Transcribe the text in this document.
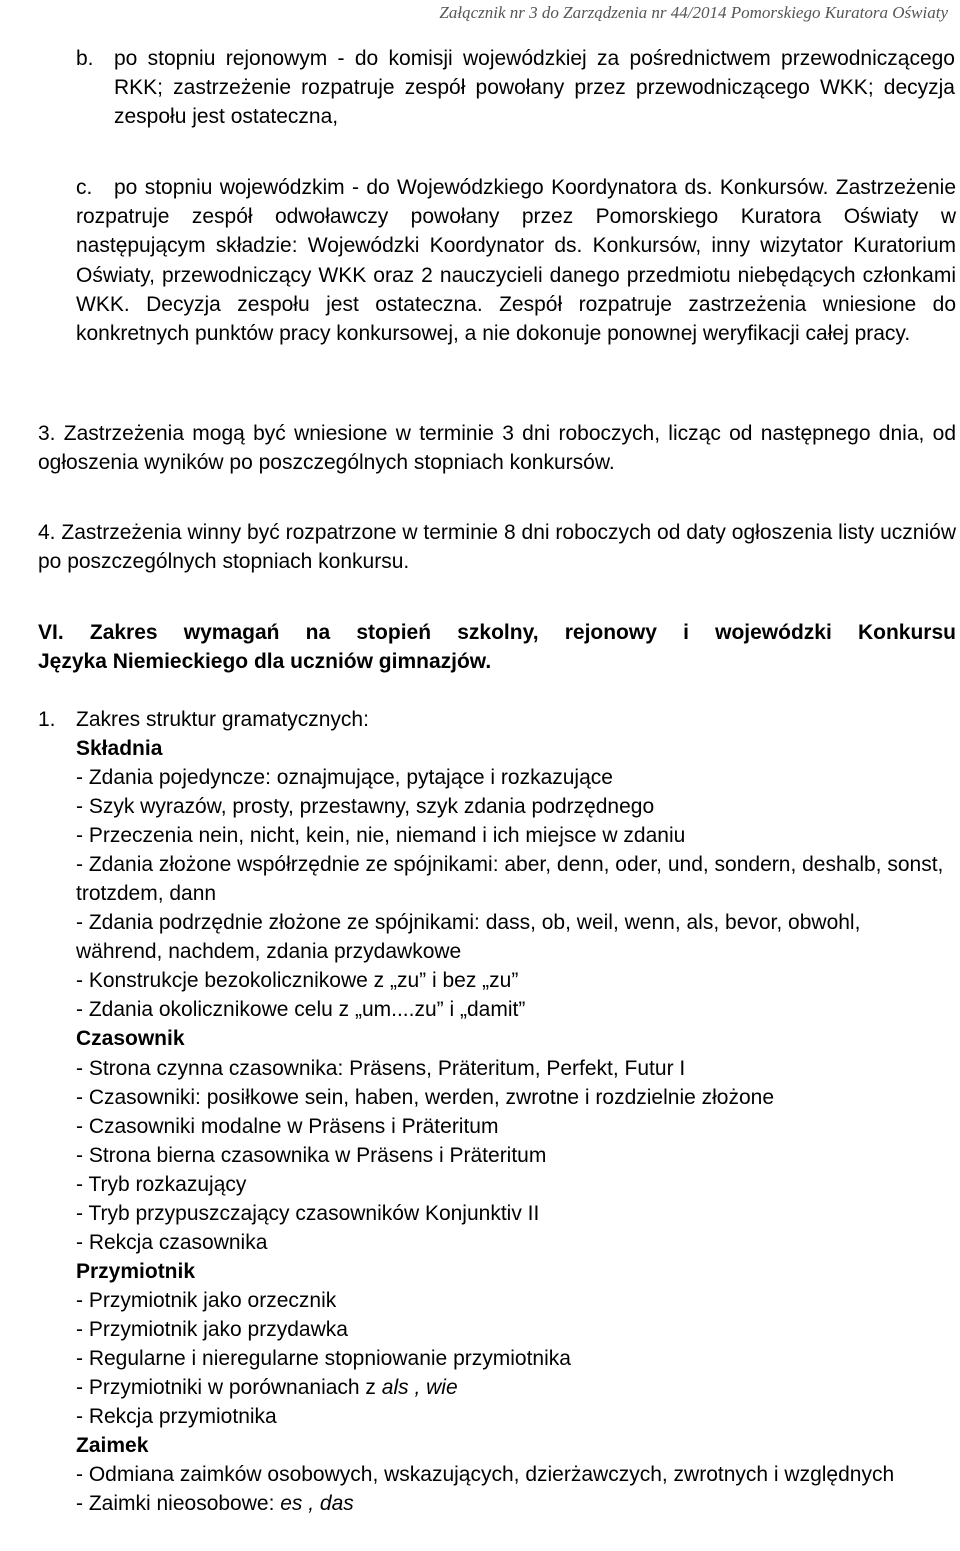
Załącznik nr 3 do Zarządzenia nr 44/2014 Pomorskiego Kuratora Oświaty
b. po stopniu rejonowym - do komisji wojewódzkiej za pośrednictwem przewodniczącego RKK; zastrzeżenie rozpatruje zespół powołany przez przewodniczącego WKK; decyzja zespołu jest ostateczna,

c.	po stopniu wojewódzkim - do Wojewódzkiego Koordynatora ds. Konkursów. Zastrzeżenie rozpatruje zespół odwoławczy powołany przez Pomorskiego Kuratora Oświaty w następującym składzie: Wojewódzki Koordynator ds. Konkursów, inny wizytator Kuratorium Oświaty, przewodniczący WKK oraz 2 nauczycieli danego przedmiotu niebędących członkami WKK. Decyzja zespołu jest ostateczna. Zespół rozpatruje zastrzeżenia wniesione do konkretnych punktów pracy konkursowej, a nie dokonuje ponownej weryfikacji całej pracy.

3. Zastrzeżenia mogą być wniesione w terminie 3 dni roboczych, licząc od następnego dnia, od ogłoszenia wyników po poszczególnych stopniach konkursów.

4. Zastrzeżenia winny być rozpatrzone w terminie 8 dni roboczych od daty ogłoszenia listy uczniów po poszczególnych stopniach konkursu.

VI. Zakres wymagań na stopień szkolny, rejonowy i wojewódzki Konkursu
Języka Niemieckiego dla uczniów gimnazjów.
1. Zakres struktur gramatycznych:
Składnia
- Zdania pojedyncze: oznajmujące, pytające i rozkazujące
- Szyk wyrazów, prosty, przestawny, szyk zdania podrzędnego
- Przeczenia nein, nicht, kein, nie, niemand i ich miejsce w zdaniu
- Zdania złożone współrzędnie ze spójnikami: aber, denn, oder, und, sondern, deshalb, sonst, trotzdem, dann
- Zdania podrzędnie złożone ze spójnikami: dass, ob, weil, wenn, als, bevor, obwohl, während, nachdem, zdania przydawkowe
- Konstrukcje bezokolicznikowe z „zu” i bez „zu”
- Zdania okolicznikowe celu z „um....zu” i „damit”
Czasownik
- Strona czynna czasownika: Präsens, Präteritum, Perfekt, Futur I
- Czasowniki: posiłkowe sein, haben, werden, zwrotne i rozdzielnie złożone
- Czasowniki modalne w Präsens i Präteritum
- Strona bierna czasownika w Präsens i Präteritum
- Tryb rozkazujący
- Tryb przypuszczający czasowników Konjunktiv II
- Rekcja czasownika
Przymiotnik
- Przymiotnik jako orzecznik
- Przymiotnik jako przydawka
- Regularne i nieregularne stopniowanie przymiotnika
- Przymiotniki w porównaniach z als , wie
- Rekcja przymiotnika
Zaimek
- Odmiana zaimków osobowych, wskazujących, dzierżawczych, zwrotnych i względnych
- Zaimki nieosobowe: es , das
